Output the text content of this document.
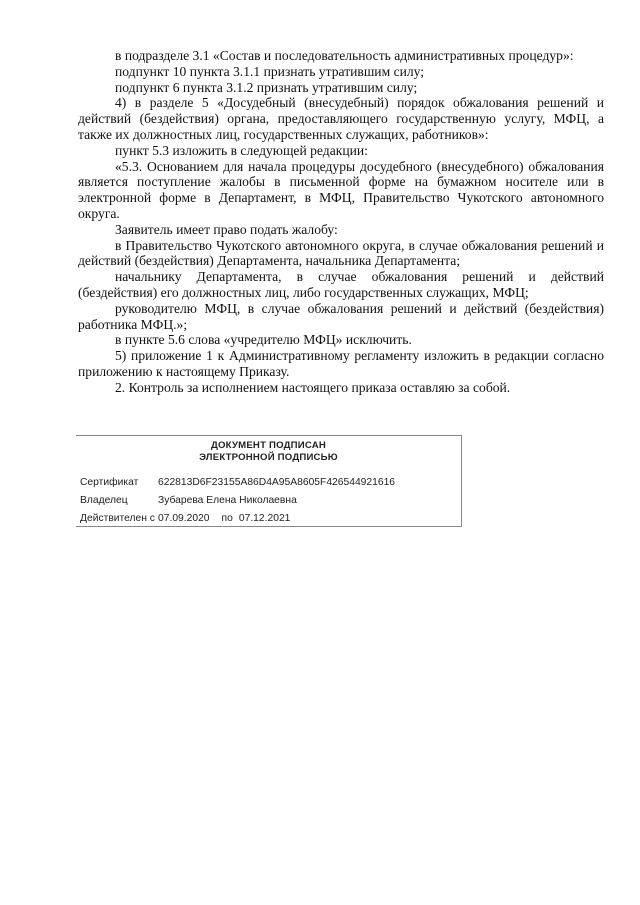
в подразделе 3.1 «Состав и последовательность административных процедур»:

подпункт 10 пункта 3.1.1 признать утратившим силу;

подпункт 6 пункта 3.1.2 признать утратившим силу;

4) в разделе 5 «Досудебный (внесудебный) порядок обжалования решений и действий (бездействия) органа, предоставляющего государственную услугу, МФЦ, а также их должностных лиц, государственных служащих, работников»:

пункт 5.3 изложить в следующей редакции:

«5.3. Основанием для начала процедуры досудебного (внесудебного) обжалования является поступление жалобы в письменной форме на бумажном носителе или в электронной форме в Департамент, в МФЦ, Правительство Чукотского автономного округа.

Заявитель имеет право подать жалобу:

в Правительство Чукотского автономного округа, в случае обжалования решений и действий (бездействия) Департамента, начальника Департамента;

начальнику Департамента, в случае обжалования решений и действий (бездействия) его должностных лиц, либо государственных служащих, МФЦ;

руководителю МФЦ, в случае обжалования решений и действий (бездействия) работника МФЦ.»;

в пункте 5.6 слова «учредителю МФЦ» исключить.

5) приложение 1 к Административному регламенту изложить в редакции согласно приложению к настоящему Приказу.

2. Контроль за исполнением настоящего приказа оставляю за собой.

ДОКУМЕНТ ПОДПИСАН
ЭЛЕКТРОННОЙ ПОДПИСЬЮ
Сертификат 622813D6F23155A86D4A95A8605F426544921616
Владелец	Зубарева Елена Николаевна
Действителен с 07.09.2020 по 07.12.2021
